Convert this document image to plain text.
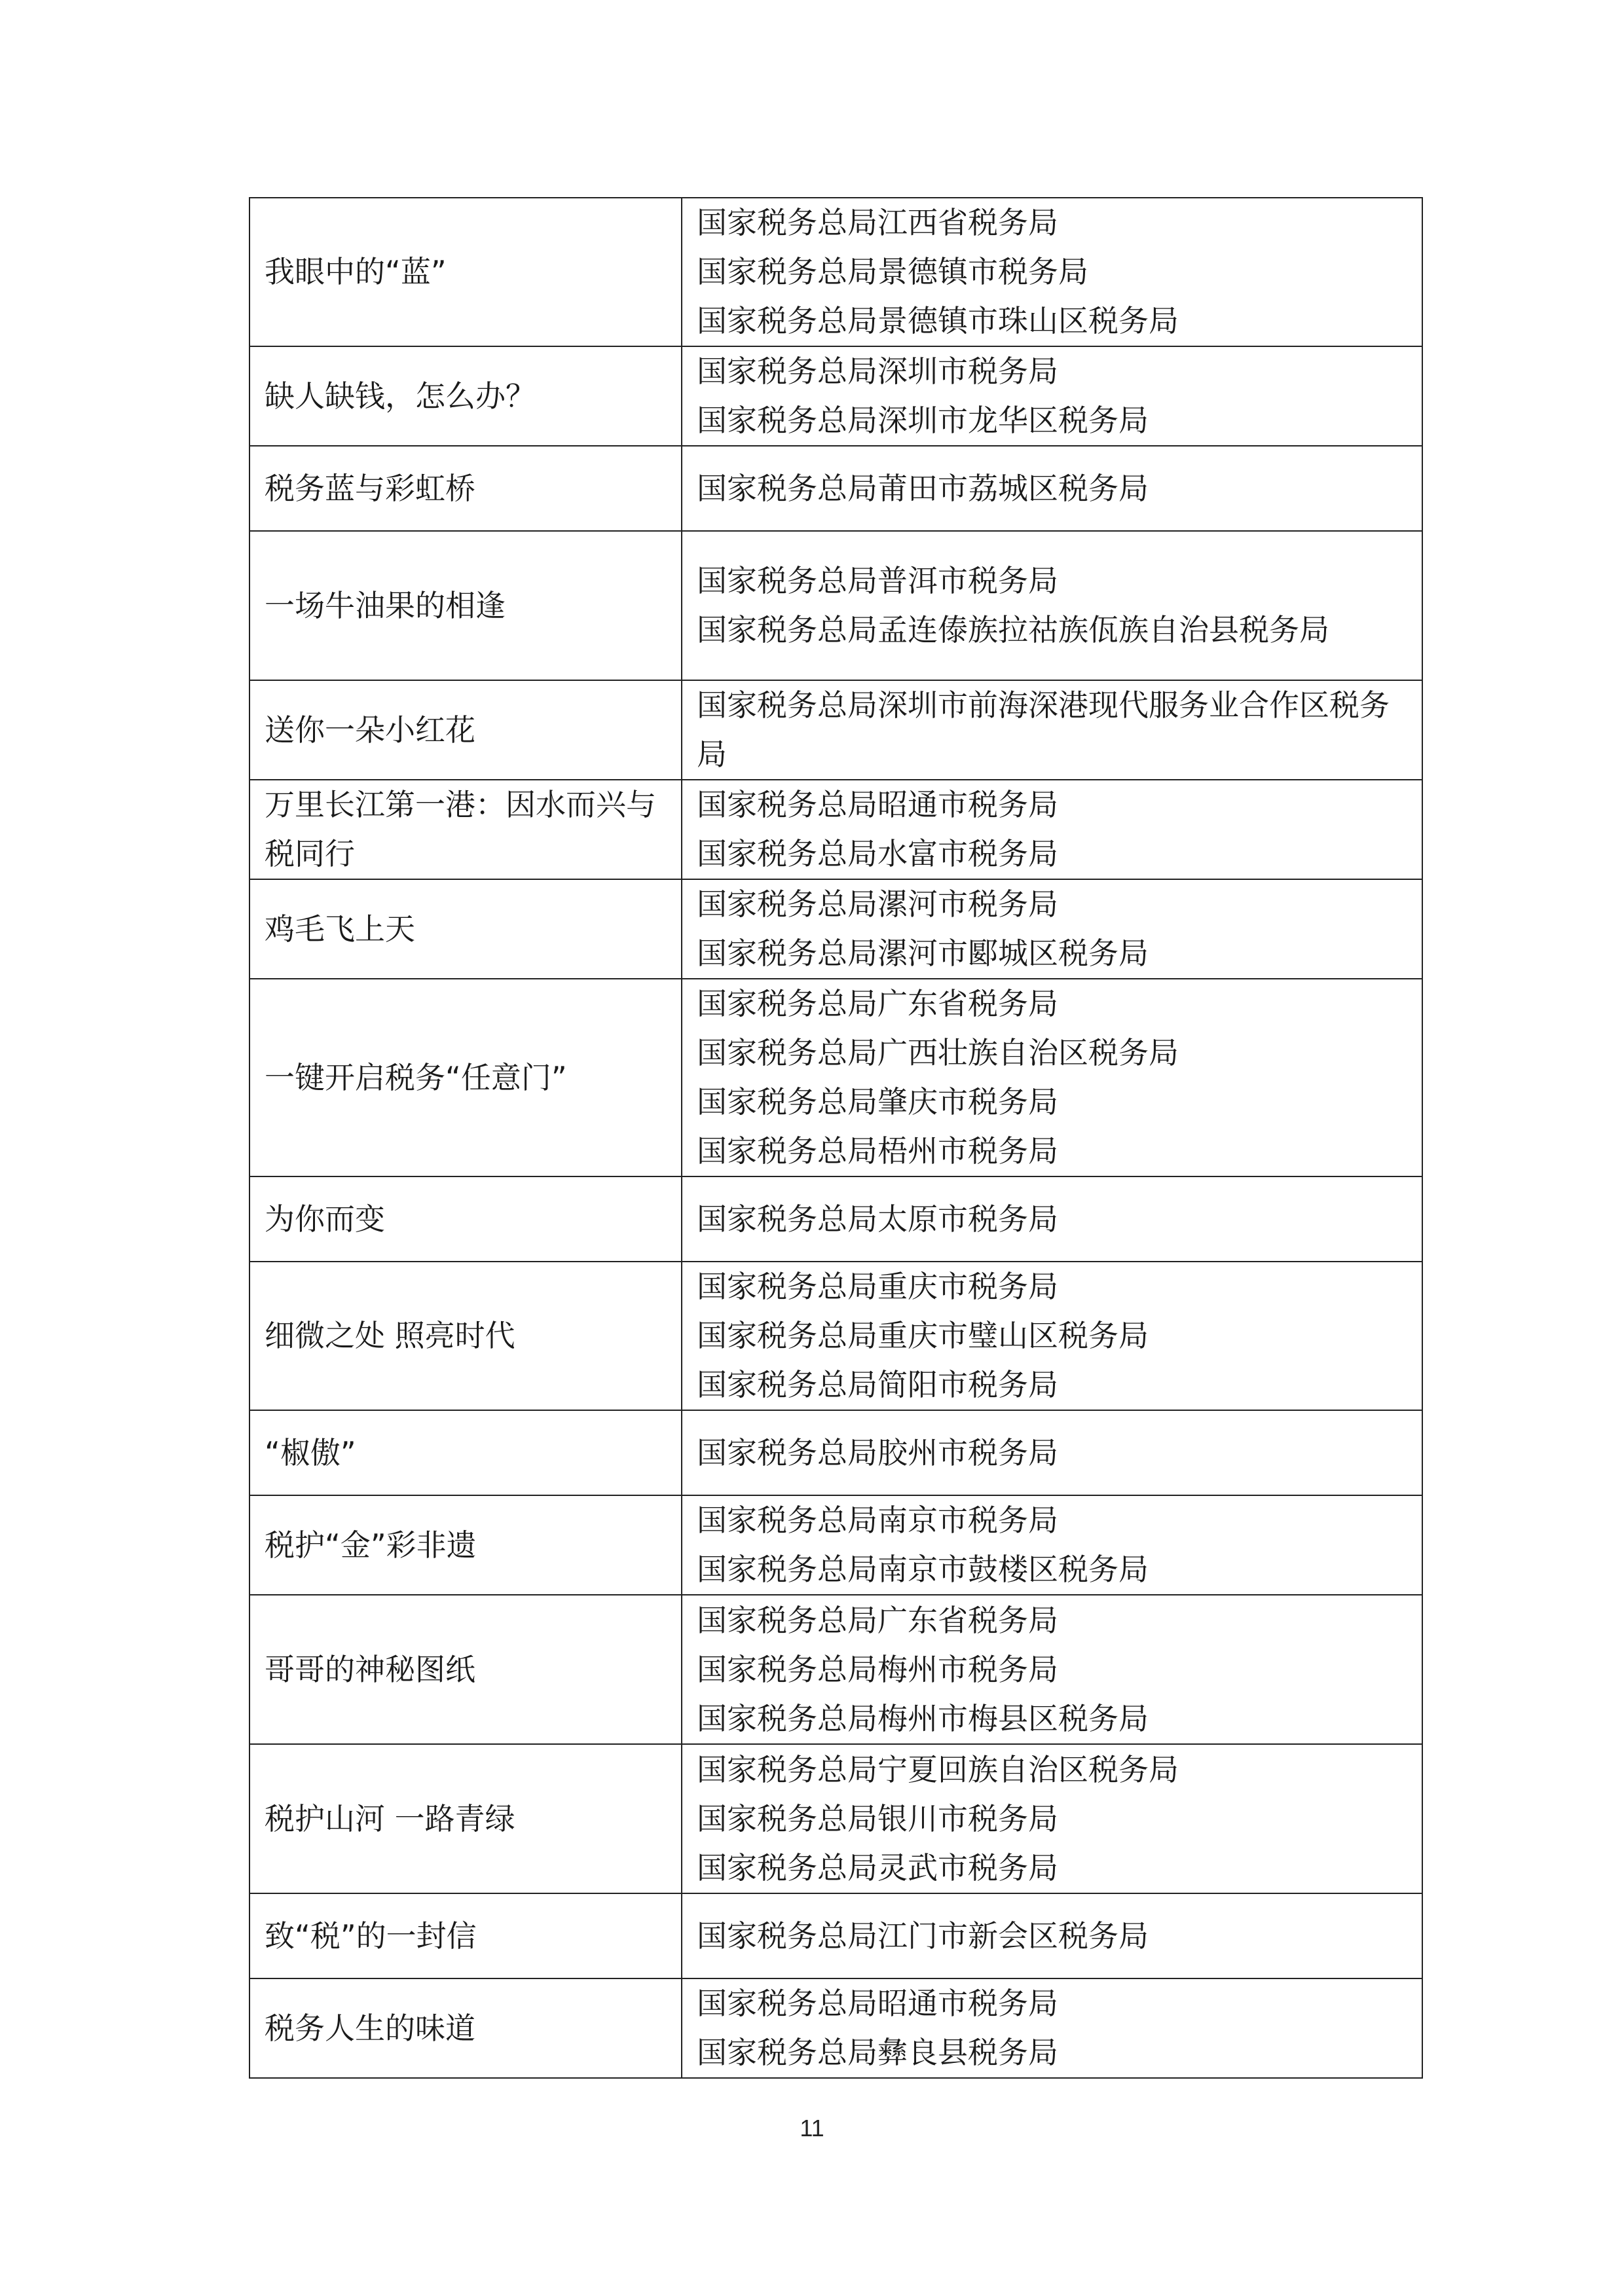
我眼中的“蓝”	国家税务总局江西省税务局
国家税务总局景德镇市税务局
国家税务总局景德镇市珠山区税务局

缺人缺钱，怎么办？	国家税务总局深圳市税务局
国家税务总局深圳市龙华区税务局

税务蓝与彩虹桥	国家税务总局莆田市荔城区税务局

一场牛油果的相逢	国家税务总局普洱市税务局
国家税务总局孟连傣族拉祜族佤族自治县税务局

送你一朵小红花	国家税务总局深圳市前海深港现代服务业合作区税务局

万里长江第一港：因水而兴与税同行	国家税务总局昭通市税务局
国家税务总局水富市税务局

鸡毛飞上天	国家税务总局漯河市税务局
国家税务总局漯河市郾城区税务局

一键开启税务“任意门”	国家税务总局广东省税务局
国家税务总局广西壮族自治区税务局
国家税务总局肇庆市税务局
国家税务总局梧州市税务局

为你而变	国家税务总局太原市税务局

细微之处 照亮时代	国家税务总局重庆市税务局
国家税务总局重庆市璧山区税务局
国家税务总局简阳市税务局

“椒傲”	国家税务总局胶州市税务局

税护“金”彩非遗	国家税务总局南京市税务局
国家税务总局南京市鼓楼区税务局

哥哥的神秘图纸	国家税务总局广东省税务局
国家税务总局梅州市税务局
国家税务总局梅州市梅县区税务局

税护山河 一路青绿	国家税务总局宁夏回族自治区税务局
国家税务总局银川市税务局
国家税务总局灵武市税务局

致“税”的一封信	国家税务总局江门市新会区税务局

税务人生的味道	国家税务总局昭通市税务局
国家税务总局彝良县税务局
11
